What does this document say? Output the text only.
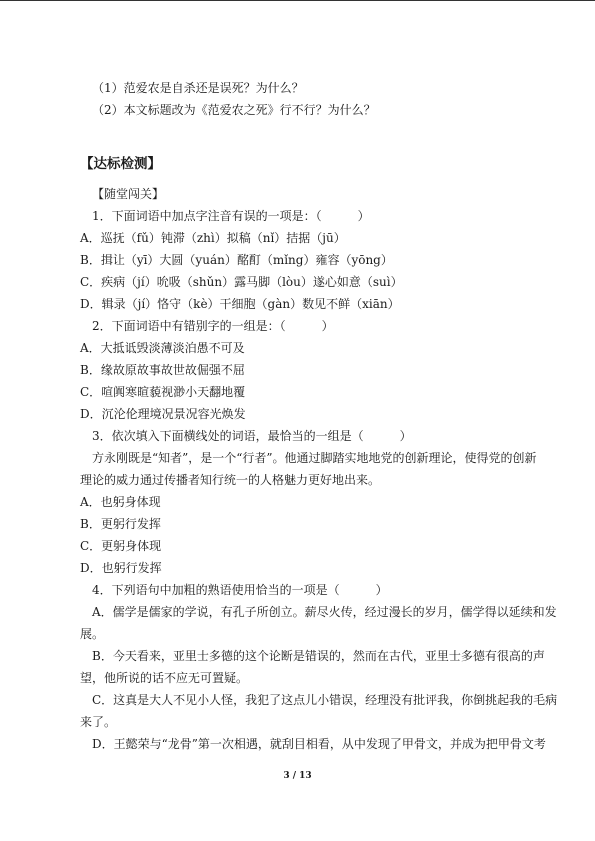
（1）范爱农是自杀还是误死？为什么？
（2）本文标题改为《范爱农之死》行不行？为什么？
【达标检测】
【随堂闯关】
1．下面词语中加点字注音有误的一项是：（　　　）
A．巡抚（fǔ）钝滞（zhì）拟稿（nǐ）拮据（jū）
B．揖让（yī）大圆（yuán）酩酊（mǐng）雍容（yōng）
C．疾病（jí）吮吸（shǔn）露马脚（lòu）遂心如意（suì）
D．辑录（jí）恪守（kè）干细胞（gàn）数见不鲜（xiān）
2．下面词语中有错别字的一组是：（　　　）
A．大抵诋毁淡薄淡泊愚不可及
B．缘故原故事故世故倔强不屈
C．喧阗寒暄藐视渺小天翻地覆
D．沉沦伦理境况景况容光焕发
3．依次填入下面横线处的词语，最恰当的一组是（　　　）
方永刚既是“知者”，是一个“行者”。他通过脚踏实地地党的创新理论，使得党的创新
理论的威力通过传播者知行统一的人格魅力更好地出来。
A．也躬身体现
B．更躬行发挥
C．更躬身体现
D．也躬行发挥
4．下列语句中加粗的熟语使用恰当的一项是（　　　）
A．儒学是儒家的学说，有孔子所创立。薪尽火传，经过漫长的岁月，儒学得以延续和发
展。
B．今天看来，亚里士多德的这个论断是错误的，然而在古代，亚里士多德有很高的声
望，他所说的话不应无可置疑。
C．这真是大人不见小人怪，我犯了这点儿小错误，经理没有批评我，你倒挑起我的毛病
来了。
D．王懿荣与“龙骨”第一次相遇，就刮目相看，从中发现了甲骨文，并成为把甲骨文考
3 / 13
